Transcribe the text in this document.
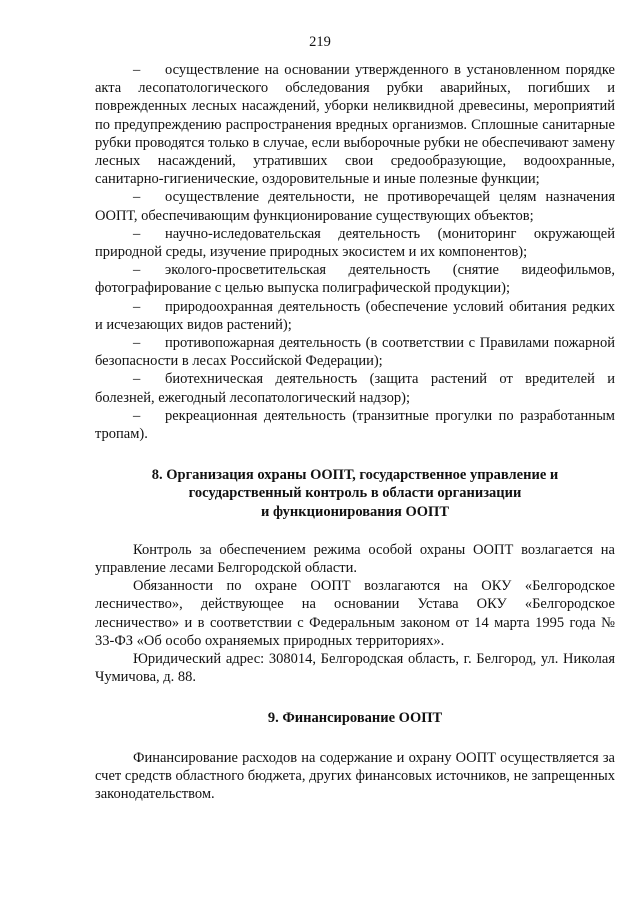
219

– осуществление на основании утвержденного в установленном порядке акта лесопатологического обследования рубки аварийных, погибших и поврежденных лесных насаждений, уборки неликвидной древесины, мероприятий по предупреждению распространения вредных организмов. Сплошные санитарные рубки проводятся только в случае, если выборочные рубки не обеспечивают замену лесных насаждений, утративших свои средообразующие, водоохранные, санитарно-гигиенические, оздоровительные и иные полезные функции;

– осуществление деятельности, не противоречащей целям назначения ООПТ, обеспечивающим функционирование существующих объектов;

– научно-иследовательская деятельность (мониторинг окружающей природной среды, изучение природных экосистем и их компонентов);

– эколого-просветительская деятельность (снятие видеофильмов, фотографирование с целью выпуска полиграфической продукции);

– природоохранная деятельность (обеспечение условий обитания редких и исчезающих видов растений);

– противопожарная деятельность (в соответствии с Правилами пожарной безопасности в лесах Российской Федерации);

– биотехническая деятельность (защита растений от вредителей и болезней, ежегодный лесопатологический надзор);

– рекреационная деятельность (транзитные прогулки по разработанным тропам).

8. Организация охраны ООПТ, государственное управление и
государственный контроль в области организации
и функционирования ООПТ

Контроль за обеспечением режима особой охраны ООПТ возлагается на управление лесами Белгородской области.

Обязанности по охране ООПТ возлагаются на ОКУ «Белгородское лесничество», действующее на основании Устава ОКУ «Белгородское лесничество» и в соответствии с Федеральным законом от 14 марта 1995 года № 33-ФЗ «Об особо охраняемых природных территориях».

Юридический адрес: 308014, Белгородская область, г. Белгород, ул. Николая Чумичова, д. 88.

9. Финансирование ООПТ

Финансирование расходов на содержание и охрану ООПТ осуществляется за счет средств областного бюджета, других финансовых источников, не запрещенных законодательством.
